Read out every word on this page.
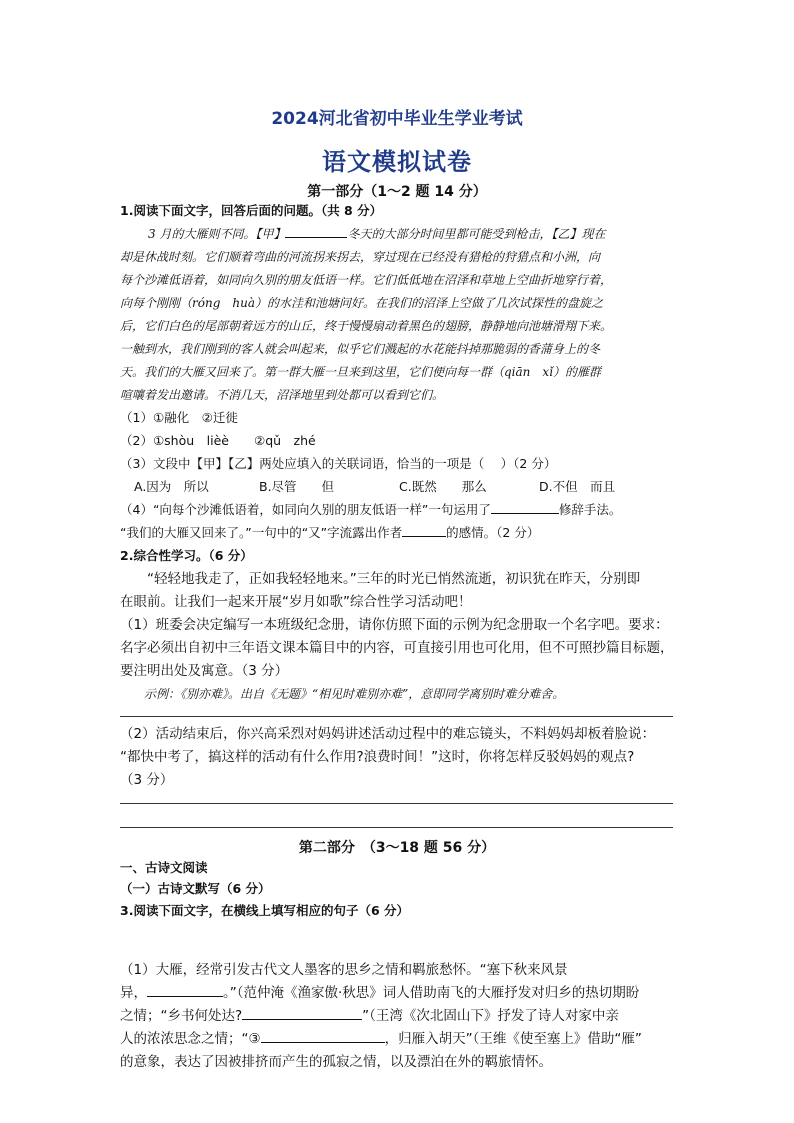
2024河北省初中毕业生学业考试
语文模拟试卷
第一部分（1～2 题 14 分）
1.阅读下面文字，回答后面的问题。（共 8 分）
3 月的大雁则不同。【甲】	冬天的大部分时间里都可能受到枪击，【乙】现在
却是休战时刻。它们顺着弯曲的河流拐来拐去，穿过现在已经没有猎枪的狩猎点和小洲，向
每个沙滩低语着，如同向久别的朋友低语一样。它们低低地在沼泽和草地上空曲折地穿行着，
向每个刚刚（róng　huà）的水洼和池塘问好。在我们的沼泽上空做了几次试探性的盘旋之
后，它们白色的尾部朝着远方的山丘，终于慢慢扇动着黑色的翅膀，静静地向池塘滑翔下来。
一触到水，我们刚到的客人就会叫起来，似乎它们溅起的水花能抖掉那脆弱的香蒲身上的冬
天。我们的大雁又回来了。第一群大雁一旦来到这里，它们便向每一群（qiān　xǐ）的雁群
喧嚷着发出邀请。不消几天，沼泽地里到处都可以看到它们。
（1）①融化　②迁徙
（2）①shòu　lièè　　②qǔ　zhé
（3）文段中【甲】【乙】两处应填入的关联词语，恰当的一项是（　 ）（2 分）
A.因为　所以	B.尽管　　但	C.既然　　那么	D.不但　而且
（4）“向每个沙滩低语着，如同向久别的朋友低语一样”一句运用了	修辞手法。
“我们的大雁又回来了。”一句中的“又”字流露出作者	的感情。（2 分）
2.综合性学习。（6 分）
　　“轻轻地我走了，正如我轻轻地来。”三年的时光已悄然流逝，初识犹在昨天，分别即
在眼前。让我们一起来开展“岁月如歌”综合性学习活动吧！
（1）班委会决定编写一本班级纪念册，请你仿照下面的示例为纪念册取一个名字吧。要求：
名字必须出自初中三年语文课本篇目中的内容，可直接引用也可化用，但不可照抄篇目标题，
要注明出处及寓意。（3 分）
　　示例：《别亦难》。出自《无题》“相见时难别亦难”，意即同学离别时难分难舍。
（2）活动结束后，你兴高采烈对妈妈讲述活动过程中的难忘镜头，不料妈妈却板着脸说：
“都快中考了，搞这样的活动有什么作用?浪费时间！”这时，你将怎样反驳妈妈的观点?
（3 分）
第二部分　（3～18 题 56 分）
一、古诗文阅读
（一）古诗文默写（6 分）
3.阅读下面文字，在横线上填写相应的句子（6 分）
（1）大雁，经常引发古代文人墨客的思乡之情和羁旅愁怀。“塞下秋来风景
异，	。”（范仲淹《渔家傲·秋思》词人借助南飞的大雁抒发对归乡的热切期盼
之情；“乡书何处达?	”（王湾《次北固山下》抒发了诗人对家中亲
人的浓浓思念之情；“③	，归雁入胡天”（王维《使至塞上》借助“雁”
的意象，表达了因被排挤而产生的孤寂之情，以及漂泊在外的羁旅情怀。
